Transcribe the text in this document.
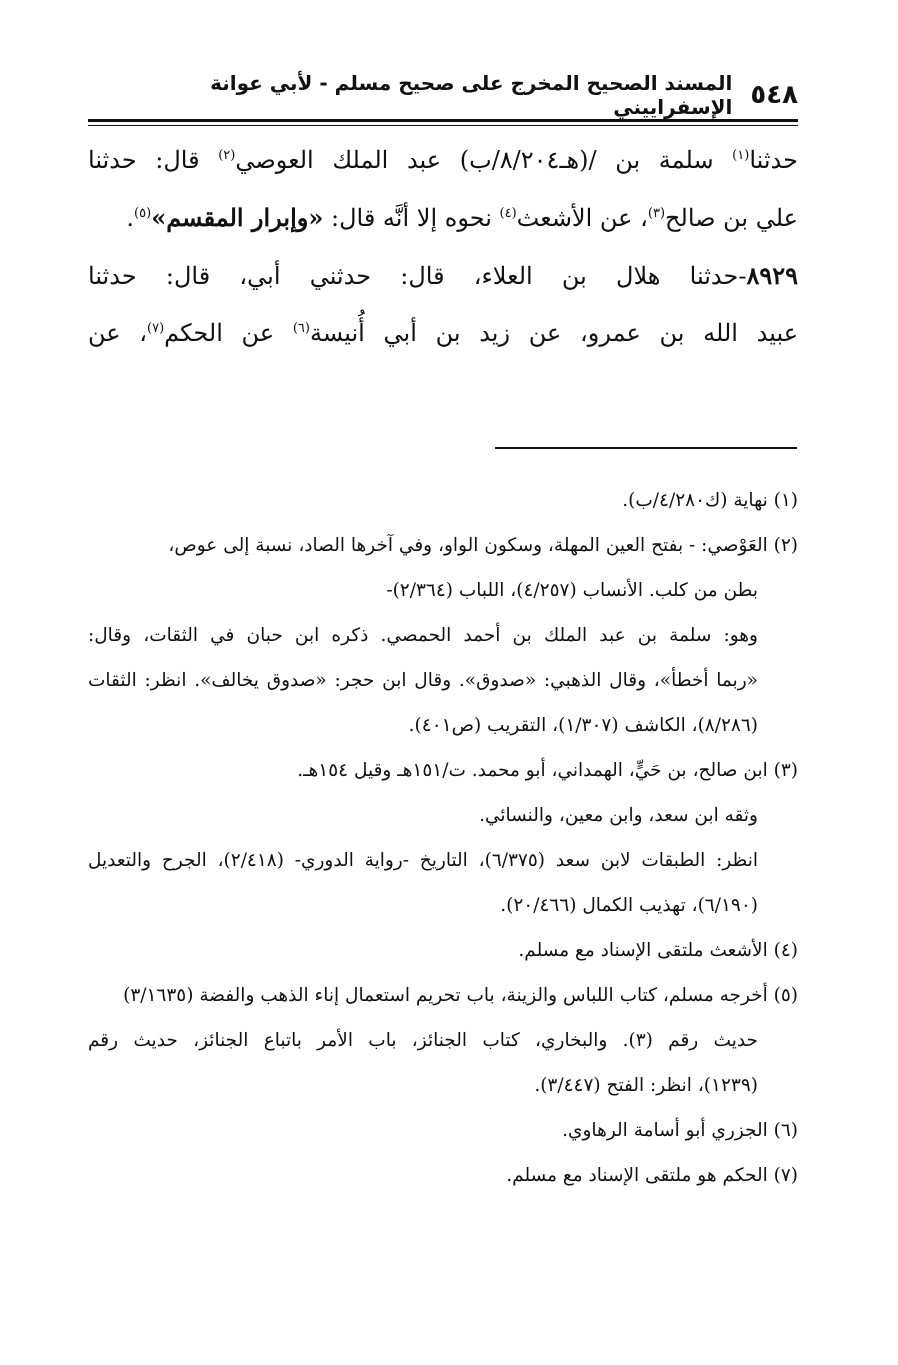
٥٤٨
المسند الصحيح المخرج على صحيح مسلم - لأبي عوانة الإسفراييني

حدثنا$^{(١)}$ سلمة بن /(هـ٨/٢٠٤/ب) عبد الملك العوصي$^{(٢)}$ قال: حدثنا

علي بن صالح$^{(٣)}$، عن الأشعث$^{(٤)}$ نحوه إلا أنَّه قال: «وإبرار المقسم»$^{(٥)}$.

٨٩٢٩-حدثنا هلال بن العلاء، قال: حدثني أبي، قال: حدثنا

عبيد الله بن عمرو، عن زيد بن أبي أُنيسة$^{(٦)}$ عن الحكم$^{(٧)}$، عن

(١) نهاية (ك٤/٢٨٠/ب).

(٢) العَوْصي: - بفتح العين المهلة، وسكون الواو، وفي آخرها الصاد، نسبة إلى عوص،

بطن من كلب. الأنساب (٤/٢٥٧)، اللباب (٢/٣٦٤)-

وهو: سلمة بن عبد الملك بن أحمد الحمصي. ذكره ابن حبان في الثقات، وقال:

«ربما أخطأ»، وقال الذهبي: «صدوق». وقال ابن حجر: «صدوق يخالف». انظر: الثقات

(٨/٢٨٦)، الكاشف (١/٣٠٧)، التقريب (ص٤٠١).

(٣) ابن صالح، بن حَيٍّ، الهمداني، أبو محمد. ت/١٥١هـ وقيل ١٥٤هـ.

وثقه ابن سعد، وابن معين، والنسائي.

انظر: الطبقات لابن سعد (٦/٣٧٥)، التاريخ -رواية الدوري- (٢/٤١٨)، الجرح والتعديل

(٦/١٩٠)، تهذيب الكمال (٢٠/٤٦٦).

(٤) الأشعث ملتقى الإسناد مع مسلم.

(٥) أخرجه مسلم، كتاب اللباس والزينة، باب تحريم استعمال إناء الذهب والفضة (٣/١٦٣٥)

حديث رقم (٣). والبخاري، كتاب الجنائز، باب الأمر باتباع الجنائز، حديث رقم

(١٢٣٩)، انظر: الفتح (٣/٤٤٧).

(٦) الجزري أبو أسامة الرهاوي.

(٧) الحكم هو ملتقى الإسناد مع مسلم.
